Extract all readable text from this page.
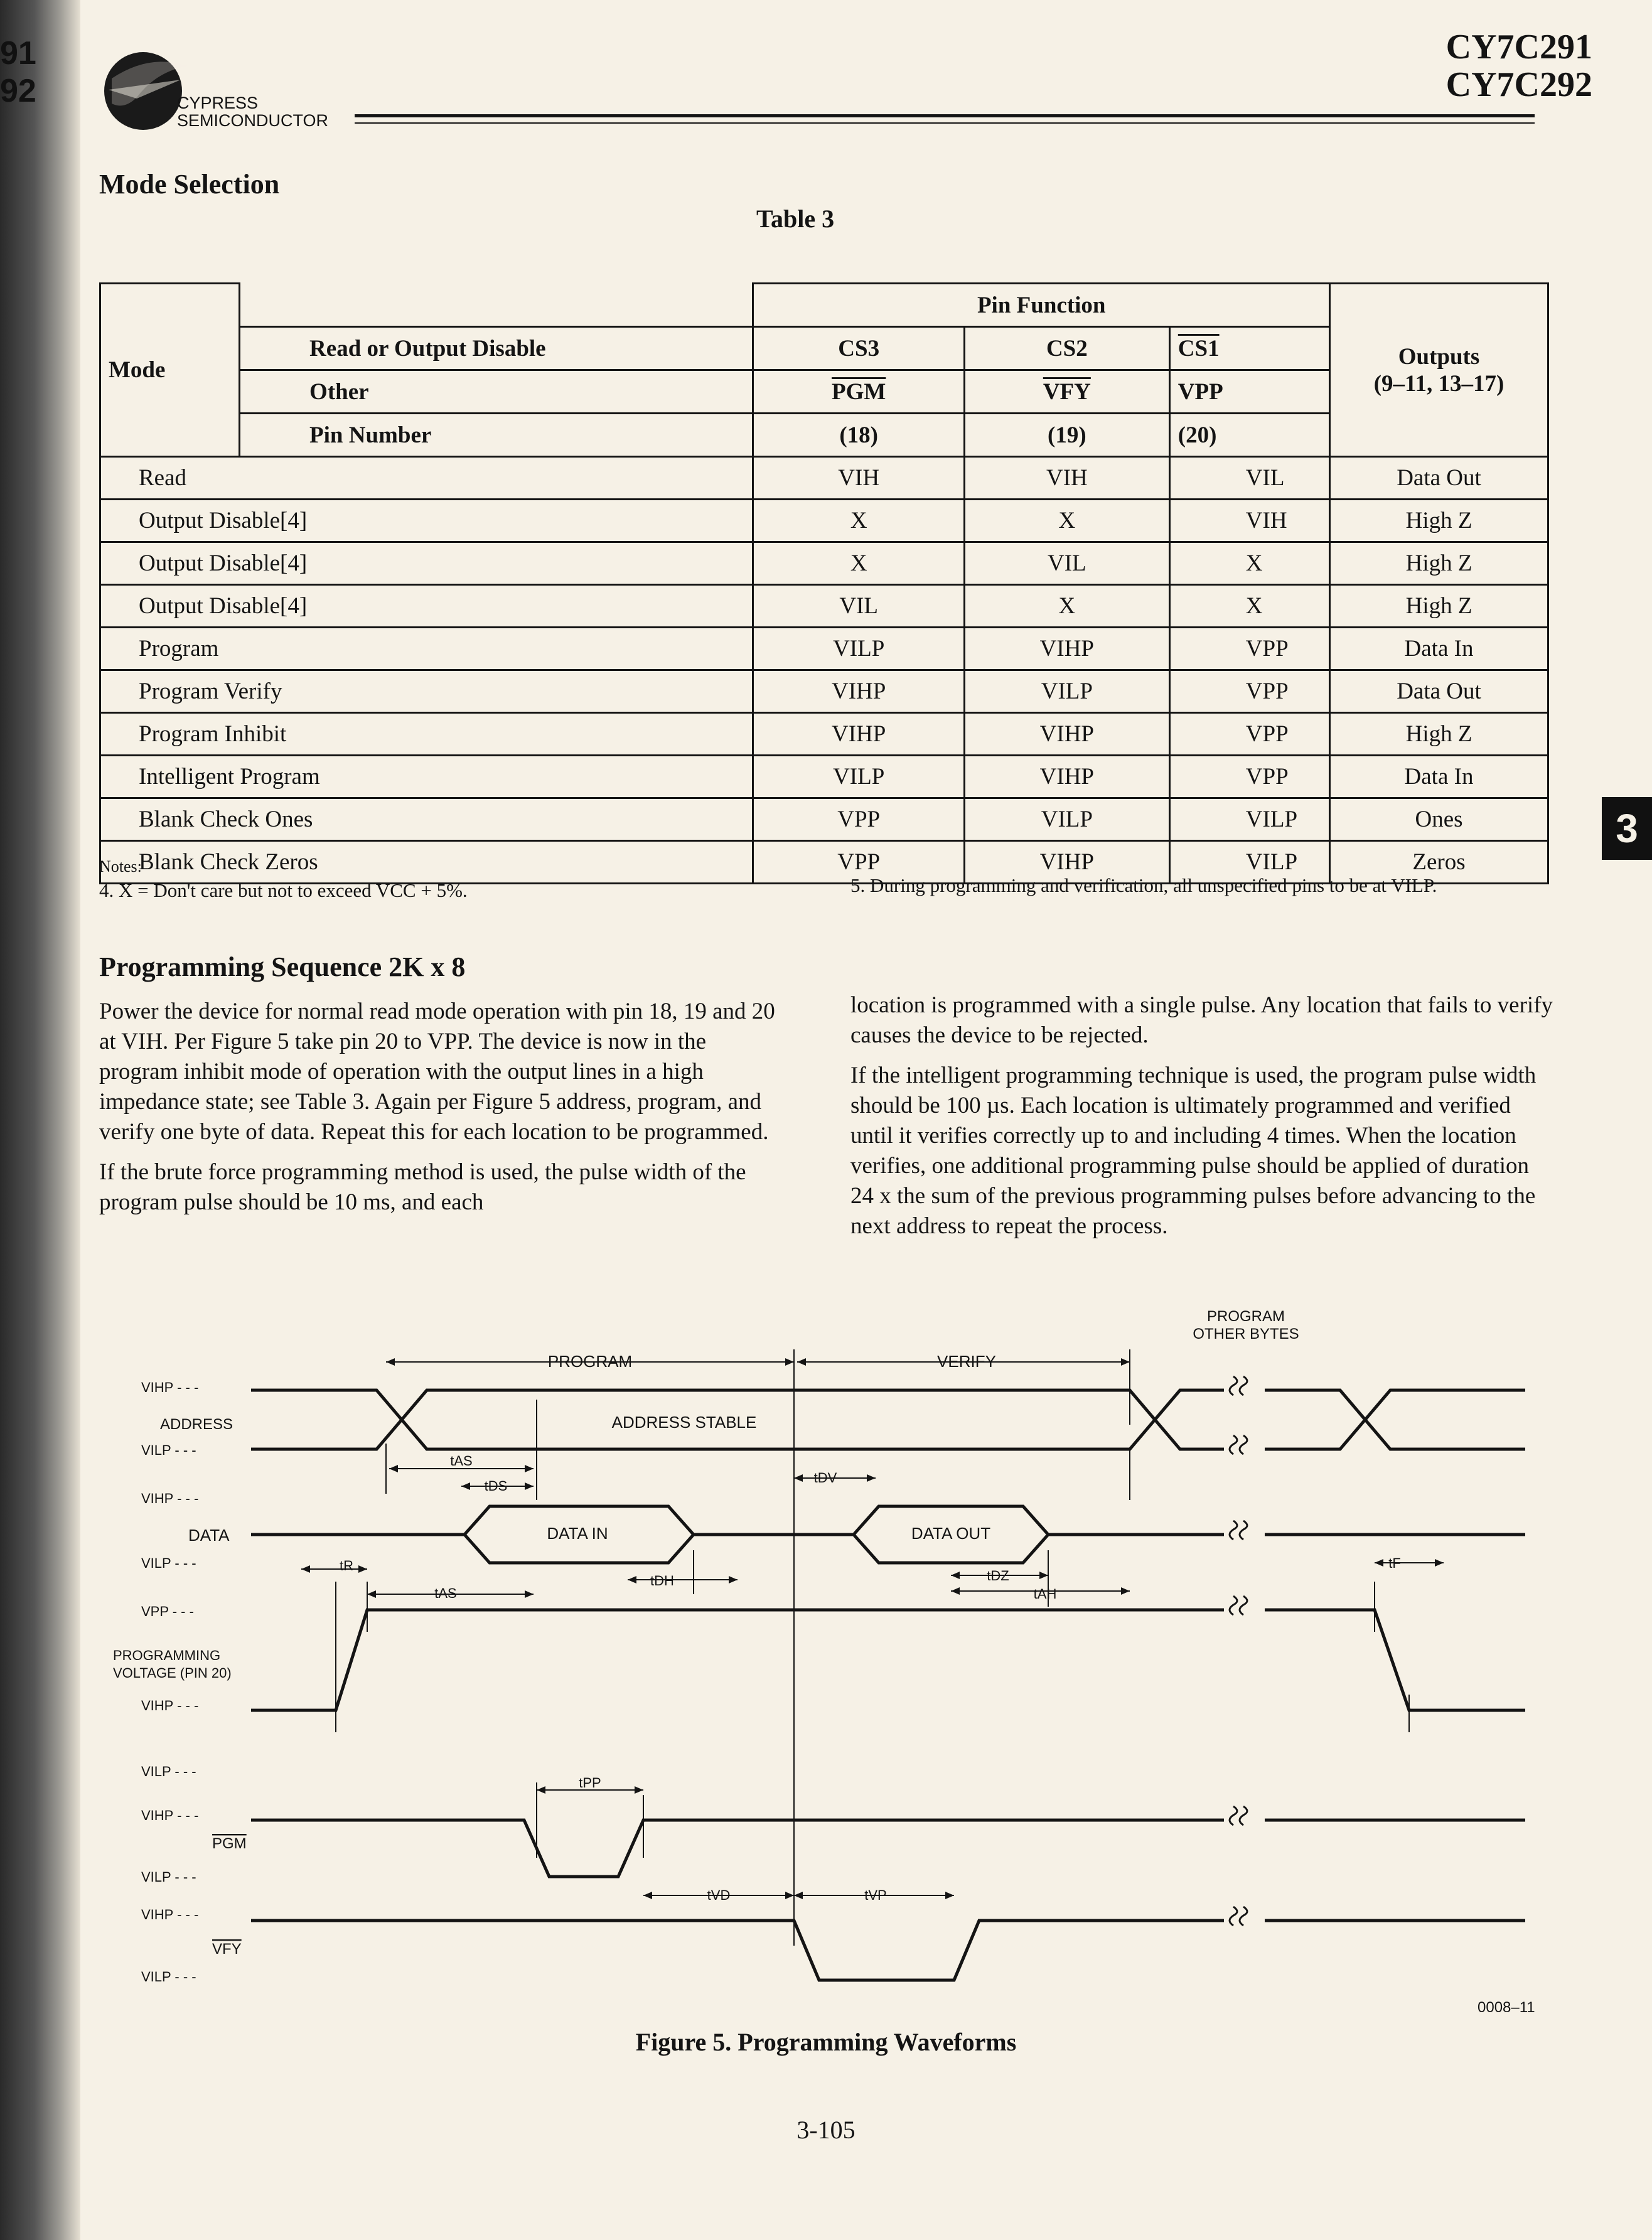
91
92	CYPRESS SEMICONDUCTOR
CY7C291
CY7C292
Mode Selection
Table 3
Mode		Pin Function			Outputs
(9–11, 13–17)

	Read or Output Disable	CS3	CS2	CS1	
	Other	$\overline{PGM}$	$\overline{VFY}$	VPP	
	Pin Number	(18)	(19)	(20)	
Read		VIH	VIH	VIL	Data Out
Output Disable[4]		X	X	VIH	High Z
Output Disable[4]		X	VIL	X	High Z
Output Disable[4]		VIL	X	X	High Z
Program		VILP	VIHP	VPP	Data In
Program Verify		VIHP	VILP	VPP	Data Out
Program Inhibit		VIHP	VIHP	VPP	High Z
Intelligent Program		VILP	VIHP	VPP	Data In
Blank Check Ones		VPP	VILP	VILP	Ones
Blank Check Zeros		VPP	VIHP	VILP	Zeros
Notes:
4. X = Don't care but not to exceed VCC + 5%.	5. During programming and verification, all unspecified pins to be at VILP.
Programming Sequence 2K x 8

Power the device for normal read mode operation with pin 18, 19 and 20 at VIH. Per Figure 5 take pin 20 to VPP. The device is now in the program inhibit mode of operation with the output lines in a high impedance state; see Table 3. Again per Figure 5 address, program, and verify one byte of data. Repeat this for each location to be programmed.

If the brute force programming method is used, the pulse width of the program pulse should be 10 ms, and each

location is programmed with a single pulse. Any location that fails to verify causes the device to be rejected.

If the intelligent programming technique is used, the program pulse width should be 100 µs. Each location is ultimately programmed and verified until it verifies correctly up to and including 4 times. When the location verifies, one additional programming pulse should be applied of duration 24 x the sum of the previous programming pulses before advancing to the next address to repeat the process.

3
VIHP - - -
VILP - - -
VIHP - - -
VILP - - -
VPP - - -
VIHP - - -
VILP - - -
VIHP - - -
VILP - - -
VIHP - - -
VILP - - -
ADDRESS
DATA
PROGRAMMING
VOLTAGE (PIN 20)
PGM
VFY
PROGRAM	VERIFY
PROGRAM
OTHER BYTES
ADDRESS STABLE
DATA IN	DATA OUT
tAS
tDS
tDV
tR
tAS
tDH	tDZ
tAH
tF
tPP
tVD	tVP
0008–11
Figure 5. Programming Waveforms
3-105
